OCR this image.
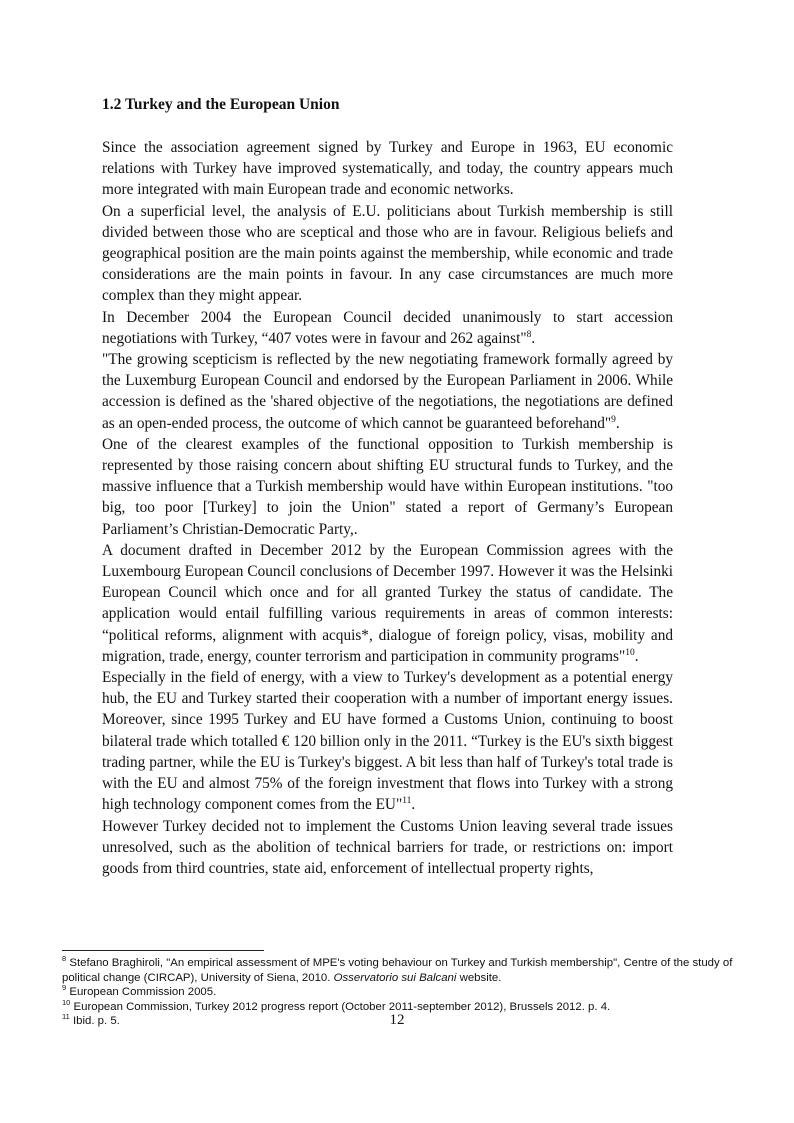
1.2 Turkey and the European Union

Since the association agreement signed by Turkey and Europe in 1963, EU economic relations with Turkey have improved systematically, and today, the country appears much more integrated with main European trade and economic networks.

On a superficial level, the analysis of E.U. politicians about Turkish membership is still divided between those who are sceptical and those who are in favour. Religious beliefs and geographical position are the main points against the membership, while economic and trade considerations are the main points in favour. In any case circumstances are much more complex than they might appear.

In December 2004 the European Council decided unanimously to start accession negotiations with Turkey, “407 votes were in favour and 262 against"$^8$.

"The growing scepticism is reflected by the new negotiating framework formally agreed by the Luxemburg European Council and endorsed by the European Parliament in 2006. While accession is defined as the 'shared objective of the negotiations, the negotiations are defined as an open-ended process, the outcome of which cannot be guaranteed beforehand"$^9$.

One of the clearest examples of the functional opposition to Turkish membership is represented by those raising concern about shifting EU structural funds to Turkey, and the massive influence that a Turkish membership would have within European institutions. "too big, too poor [Turkey] to join the Union" stated a report of Germany’s European Parliament’s Christian-Democratic Party,.

A document drafted in December 2012 by the European Commission agrees with the Luxembourg European Council conclusions of December 1997. However it was the Helsinki European Council which once and for all granted Turkey the status of candidate. The application would entail fulfilling various requirements in areas of common interests: “political reforms, alignment with acquis*, dialogue of foreign policy, visas, mobility and migration, trade, energy, counter terrorism and participation in community programs"$^{10}$.

Especially in the field of energy, with a view to Turkey's development as a potential energy hub, the EU and Turkey started their cooperation with a number of important energy issues. Moreover, since 1995 Turkey and EU have formed a Customs Union, continuing to boost bilateral trade which totalled € 120 billion only in the 2011. “Turkey is the EU's sixth biggest trading partner, while the EU is Turkey's biggest. A bit less than half of Turkey's total trade is with the EU and almost 75% of the foreign investment that flows into Turkey with a strong high technology component comes from the EU"$^{11}$.

However Turkey decided not to implement the Customs Union leaving several trade issues unresolved, such as the abolition of technical barriers for trade, or restrictions on: import goods from third countries, state aid, enforcement of intellectual property rights,

$^8$ Stefano Braghiroli, "An empirical assessment of MPE's voting behaviour on Turkey and Turkish membership", Centre of the study of political change (CIRCAP), University of Siena, 2010. Osservatorio sui Balcani website.

$^9$ European Commission 2005.

$^{10}$ European Commission, Turkey 2012 progress report (October 2011-september 2012), Brussels 2012. p. 4.

$^{11}$ Ibid. p. 5.	12
